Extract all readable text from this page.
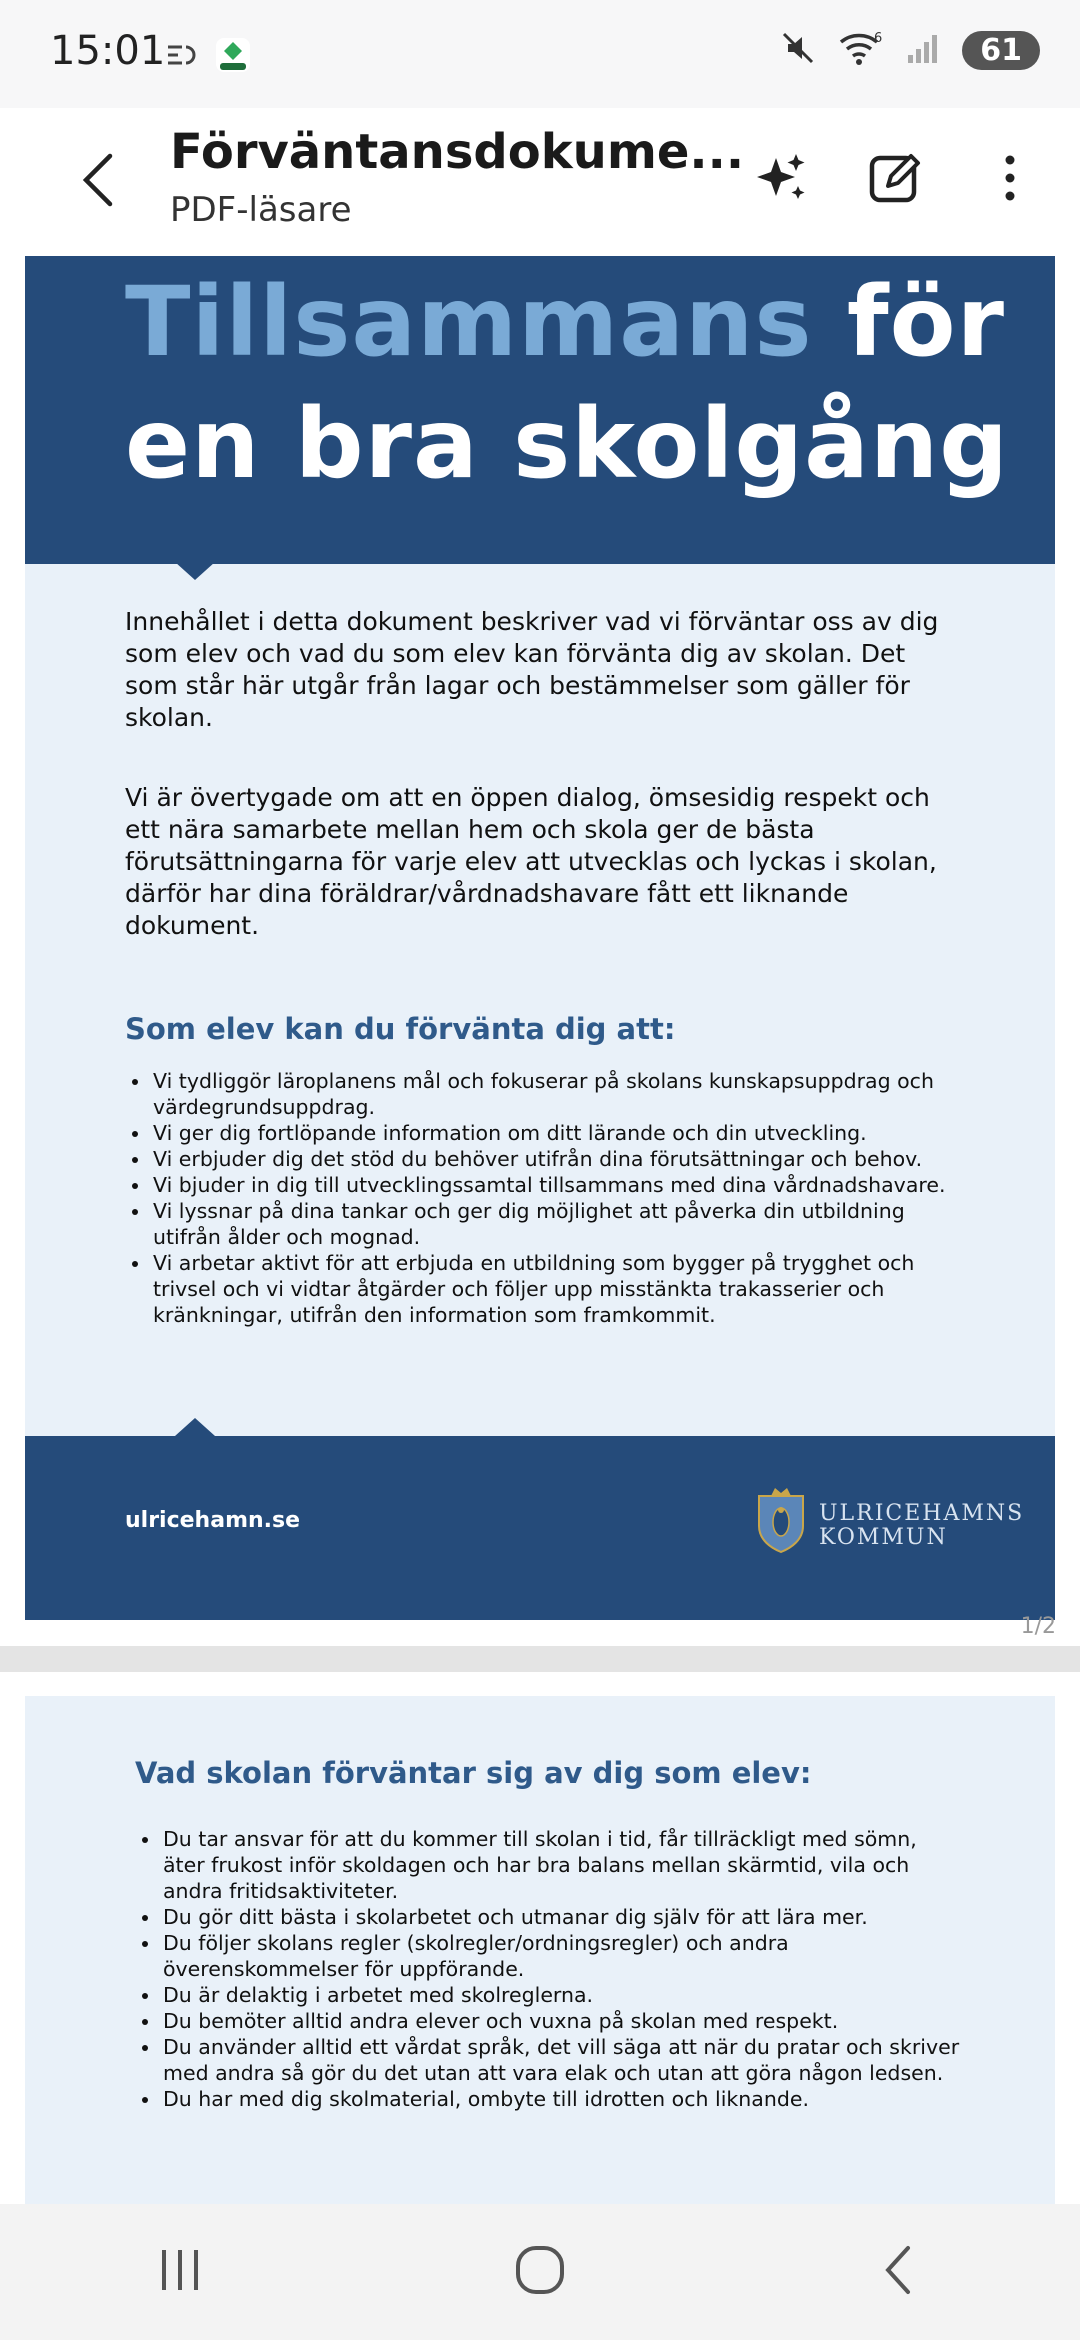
15:01	6	61
Förväntansdokume...
PDF-läsare
Tillsammans för
en bra skolgång
Innehållet i detta dokument beskriver vad vi förväntar oss av dig som elev och vad du som elev kan förvänta dig av skolan. Det som står här utgår från lagar och bestämmelser som gäller för skolan.
Vi är övertygade om att en öppen dialog, ömsesidig respekt och ett nära samarbete mellan hem och skola ger de bästa förutsättningarna för varje elev att utvecklas och lyckas i skolan, därför har dina föräldrar/vårdnadshavare fått ett liknande dokument.
Som elev kan du förvänta dig att:
• Vi tydliggör läroplanens mål och fokuserar på skolans kunskapsuppdrag och värdegrundsuppdrag.
• Vi ger dig fortlöpande information om ditt lärande och din utveckling.
• Vi erbjuder dig det stöd du behöver utifrån dina förutsättningar och behov.
• Vi bjuder in dig till utvecklingssamtal tillsammans med dina vårdnadshavare.
• Vi lyssnar på dina tankar och ger dig möjlighet att påverka din utbildning utifrån ålder och mognad.
• Vi arbetar aktivt för att erbjuda en utbildning som bygger på trygghet och trivsel och vi vidtar åtgärder och följer upp misstänkta trakasserier och kränkningar, utifrån den information som framkommit.
ulricehamn.se	ULRICEHAMNS
KOMMUN
1/2
Vad skolan förväntar sig av dig som elev:
• Du tar ansvar för att du kommer till skolan i tid, får tillräckligt med sömn, äter frukost inför skoldagen och har bra balans mellan skärmtid, vila och andra fritidsaktiviteter.
• Du gör ditt bästa i skolarbetet och utmanar dig själv för att lära mer.
• Du följer skolans regler (skolregler/ordningsregler) och andra överenskommelser för uppförande.
• Du är delaktig i arbetet med skolreglerna.
• Du bemöter alltid andra elever och vuxna på skolan med respekt.
• Du använder alltid ett vårdat språk, det vill säga att när du pratar och skriver med andra så gör du det utan att vara elak och utan att göra någon ledsen.
• Du har med dig skolmaterial, ombyte till idrotten och liknande.
